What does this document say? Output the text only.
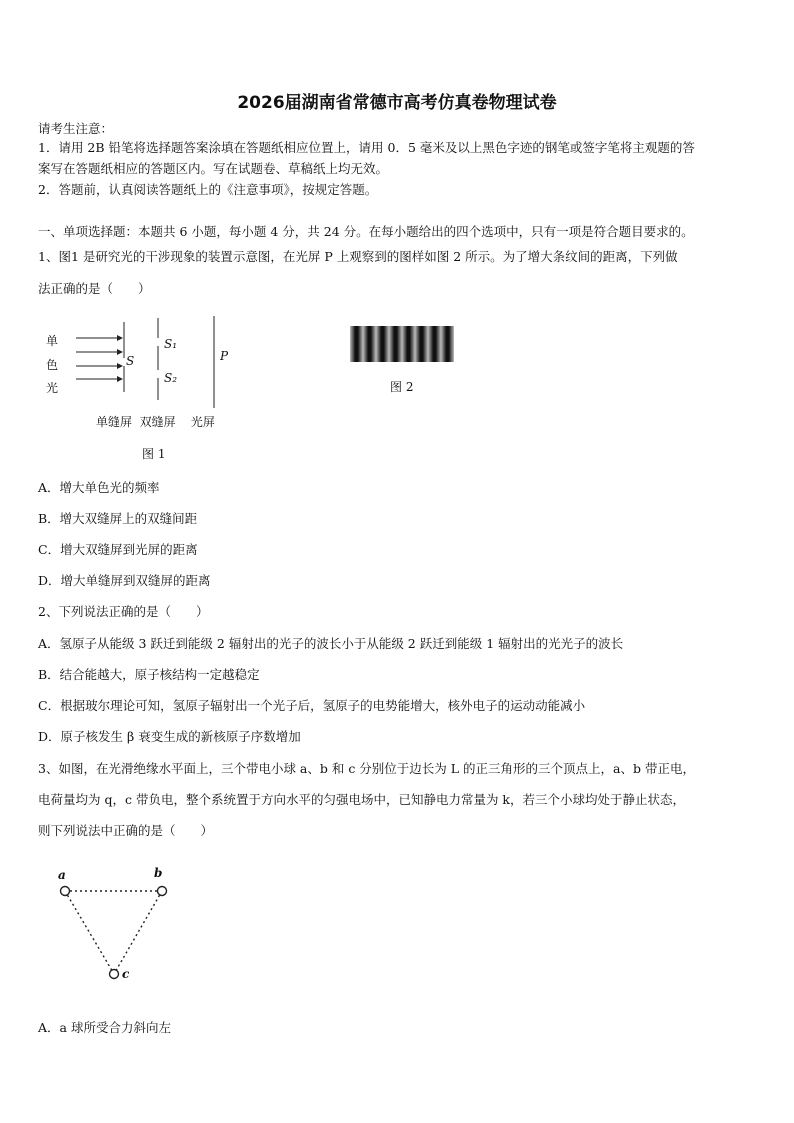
2026届湖南省常德市高考仿真卷物理试卷
请考生注意：
1．请用 2B 铅笔将选择题答案涂填在答题纸相应位置上，请用 0．5 毫米及以上黑色字迹的钢笔或签字笔将主观题的答
案写在答题纸相应的答题区内。写在试题卷、草稿纸上均无效。
2．答题前，认真阅读答题纸上的《注意事项》，按规定答题。
一、单项选择题：本题共 6 小题，每小题 4 分，共 24 分。在每小题给出的四个选项中，只有一项是符合题目要求的。
1、图1 是研究光的干涉现象的装置示意图，在光屏 P 上观察到的图样如图 2 所示。为了增大条纹间的距离，下列做
法正确的是（　　）
单
色
光
S
S₁
S₂
P
单缝屏  双缝屏    光屏
图 1
图 2
A．增大单色光的频率
B．增大双缝屏上的双缝间距
C．增大双缝屏到光屏的距离
D．增大单缝屏到双缝屏的距离
2、下列说法正确的是（　　）
A．氢原子从能级 3 跃迁到能级 2 辐射出的光子的波长小于从能级 2 跃迁到能级 1 辐射出的光光子的波长
B．结合能越大，原子核结构一定越稳定
C．根据玻尔理论可知，氢原子辐射出一个光子后，氢原子的电势能增大，核外电子的运动动能减小
D．原子核发生 β 衰变生成的新核原子序数增加
3、如图，在光滑绝缘水平面上，三个带电小球 a、b 和 c 分别位于边长为 L 的正三角形的三个顶点上，a、b 带正电，
电荷量均为 q，c 带负电，整个系统置于方向水平的匀强电场中，已知静电力常量为 k，若三个小球均处于静止状态，
则下列说法中正确的是（　　）
a	b
c
A．a 球所受合力斜向左
